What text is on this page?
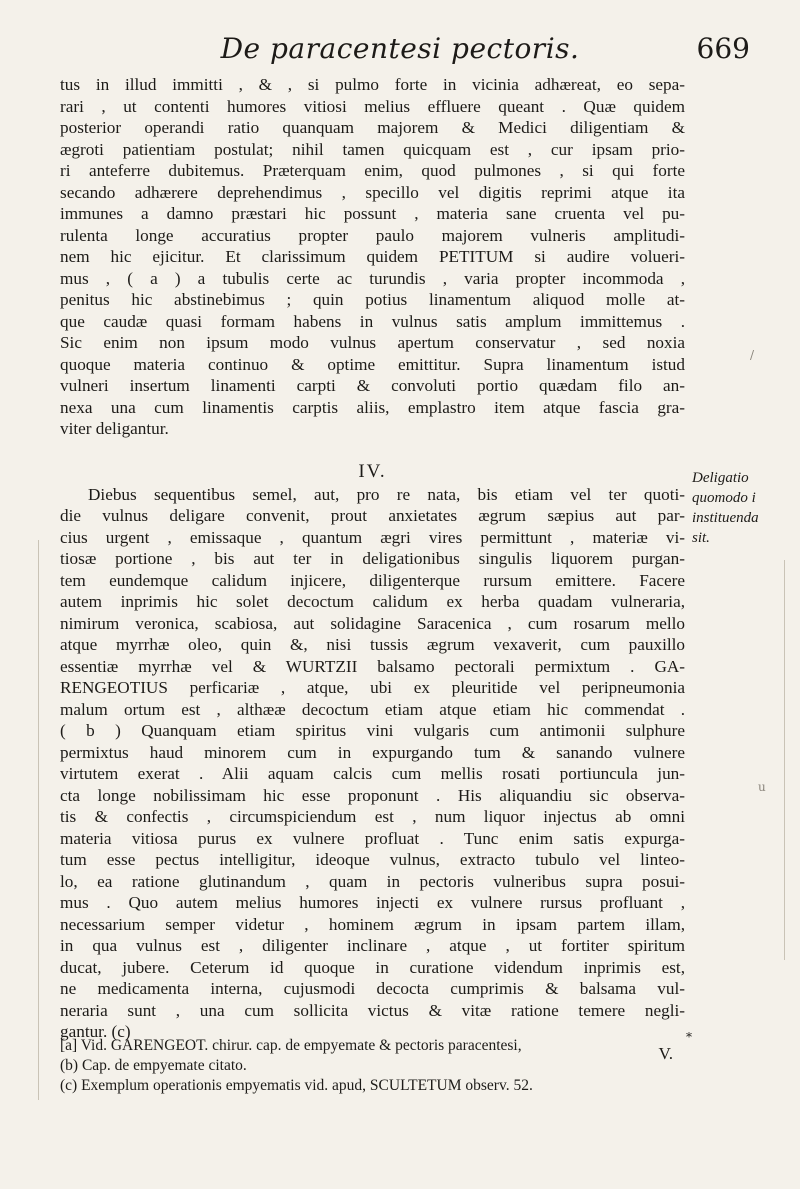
De paracentesi pectoris.	669
tus in illud immitti , & , si pulmo forte in vicinia adhæreat, eo sepa-
rari , ut contenti humores vitiosi melius effluere queant . Quæ quidem
posterior operandi ratio quanquam majorem & Medici diligentiam &
ægroti patientiam postulat; nihil tamen quicquam est , cur ipsam prio-
ri anteferre dubitemus. Præterquam enim, quod pulmones , si qui forte
secando adhærere deprehendimus , specillo vel digitis reprimi atque ita
immunes a damno præstari hic possunt , materia sane cruenta vel pu-
rulenta longe accuratius propter paulo majorem vulneris amplitudi-
nem hic ejicitur. Et clarissimum quidem PETITUM si audire volueri-
mus , ( a ) a tubulis certe ac turundis , varia propter incommoda ,
penitus hic abstinebimus ; quin potius linamentum aliquod molle at-
que caudæ quasi formam habens in vulnus satis amplum immittemus .
Sic enim non ipsum modo vulnus apertum conservatur , sed noxia
quoque materia continuo & optime emittitur. Supra linamentum istud
vulneri insertum linamenti carpti & convoluti portio quædam filo an-
nexa una cum linamentis carptis aliis, emplastro item atque fascia gra-
viter deligantur.
IV.
Diebus sequentibus semel, aut, pro re nata, bis etiam vel ter quoti-
die vulnus deligare convenit, prout anxietates ægrum sæpius aut par-
cius urgent , emissaque , quantum ægri vires permittunt , materiæ vi-
tiosæ portione , bis aut ter in deligationibus singulis liquorem purgan-
tem eundemque calidum injicere, diligenterque rursum emittere. Facere
autem inprimis hic solet decoctum calidum ex herba quadam vulneraria,
nimirum veronica, scabiosa, aut solidagine Saracenica , cum rosarum mello
atque myrrhæ oleo, quin &, nisi tussis ægrum vexaverit, cum pauxillo
essentiæ myrrhæ vel & WURTZII balsamo pectorali permixtum . GA-
RENGEOTIUS perficariæ , atque, ubi ex pleuritide vel peripneumonia
malum ortum est , althææ decoctum etiam atque etiam hic commendat .
( b ) Quanquam etiam spiritus vini vulgaris cum antimonii sulphure
permixtus haud minorem cum in expurgando tum & sanando vulnere
virtutem exerat . Alii aquam calcis cum mellis rosati portiuncula jun-
cta longe nobilissimam hic esse proponunt . His aliquandiu sic observa-
tis & confectis , circumspiciendum est , num liquor injectus ab omni
materia vitiosa purus ex vulnere profluat . Tunc enim satis expurga-
tum esse pectus intelligitur, ideoque vulnus, extracto tubulo vel linteo-
lo, ea ratione glutinandum , quam in pectoris vulneribus supra posui-
mus . Quo autem melius humores injecti ex vulnere rursus profluant ,
necessarium semper videtur , hominem ægrum in ipsam partem illam,
in qua vulnus est , diligenter inclinare , atque , ut fortiter spiritum
ducat, jubere. Ceterum id quoque in curatione videndum inprimis est,
ne medicamenta interna, cujusmodi decocta cumprimis & balsama vul-
neraria sunt , una cum sollicita victus & vitæ ratione temere negli-
gantur. (c)
V.
Deligatio
quomodo i
instituenda
sit.
/
u
*
[a] Vid. GARENGEOT. chirur. cap. de empyemate & pectoris paracentesi,
(b) Cap. de empyemate citato.
(c) Exemplum operationis empyematis vid. apud, SCULTETUM observ. 52.
